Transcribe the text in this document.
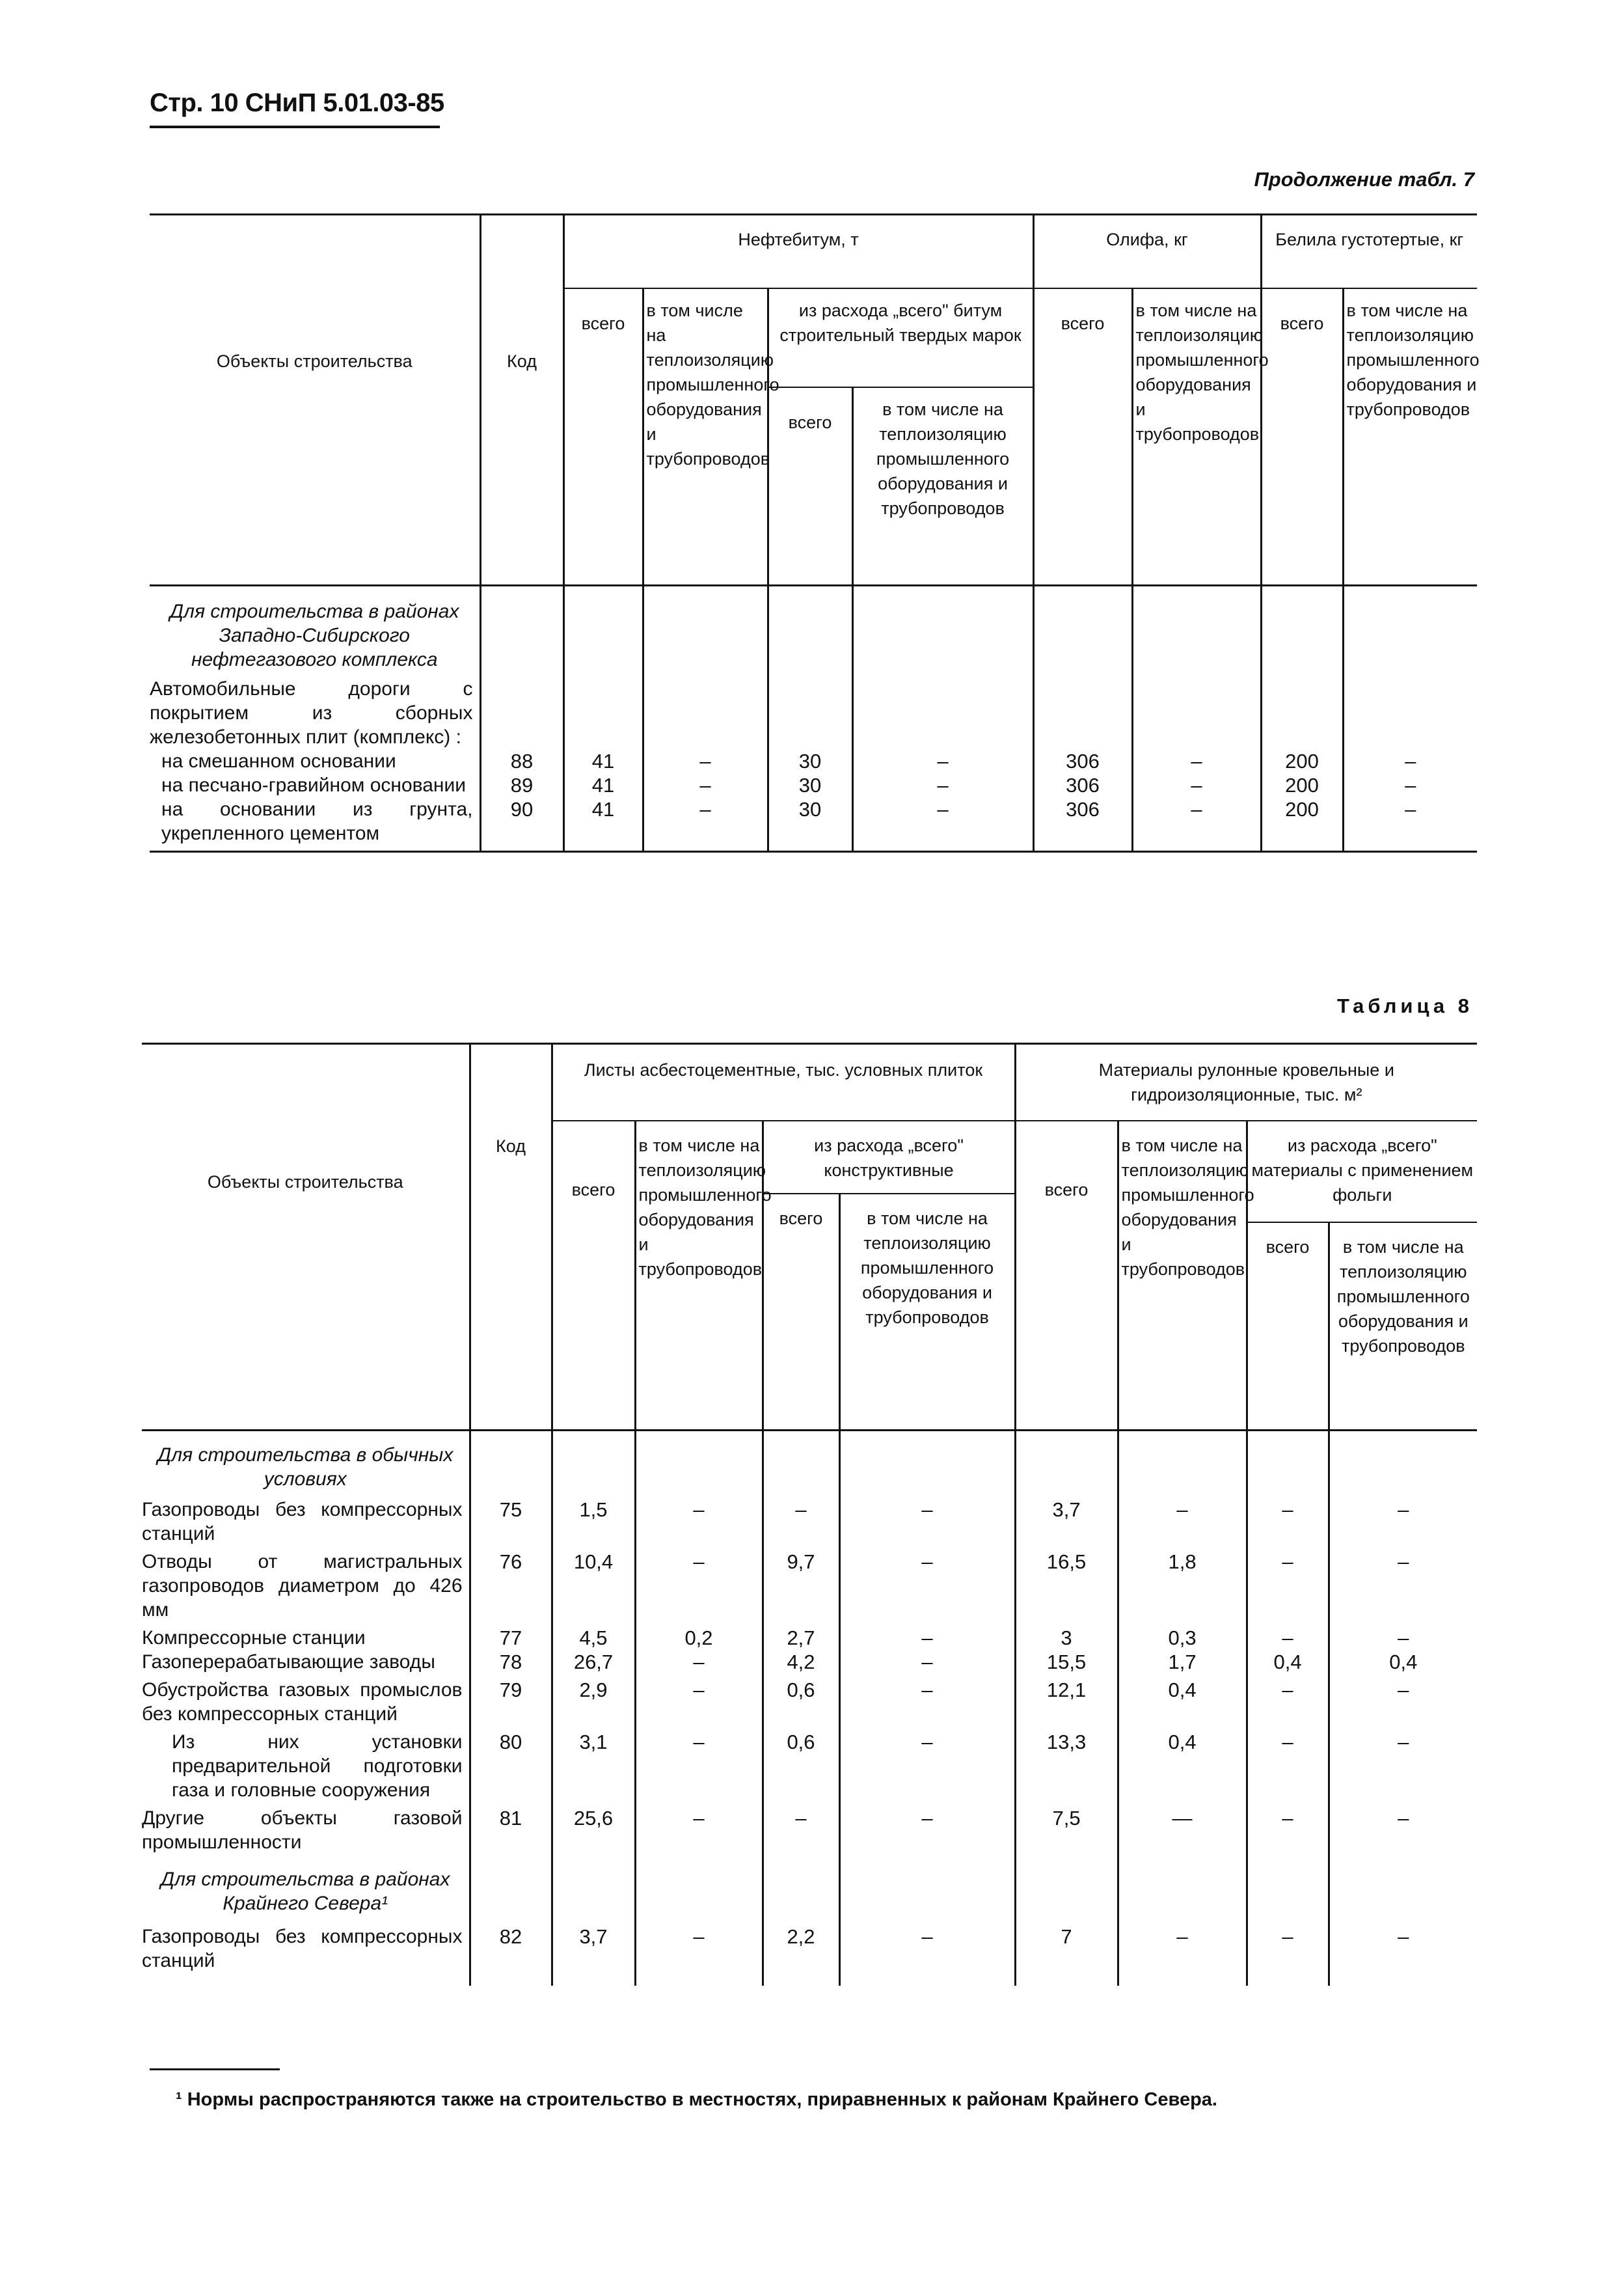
Стр. 10 СНиП 5.01.03-85
Продолжение табл. 7
Объекты строительства	Код	Нефтебитум, т				Олифа, кг		Белила густотертые, кг	
		всего	в том числе на теплоизоляцию промышленного оборудования и трубопроводов	из расхода „всего" битум строительный твердых марок		всего	в том числе на теплоизоляцию промышленного оборудования и трубопроводов	всего	в том числе на теплоизоляцию промышленного оборудования и трубопроводов
				всего	в том числе на теплоизоляцию промышленного оборудования и трубопроводов				
Для строительства в районах Западно-Сибирского нефтегазового комплекса									
Автомобильные дороги с покрытием из сборных железобетонных плит (комплекс) :									
на смешанном основании	88	41	–	30	–	306	–	200	–
на песчано-гравийном основании	89	41	–	30	–	306	–	200	–
на основании из грунта, укрепленного цементом	90	41	–	30	–	306	–	200	–
Таблица 8
Объекты строительства	Код	Листы асбестоцементные, тыс. условных плиток				Материалы рулонные кровельные и гидроизоляционные, тыс. м²			
		всего	в том числе на теплоизоляцию промышленного оборудования и трубопроводов	из расхода „всего" конструктивные		всего	в том числе на теплоизоляцию промышленного оборудования и трубопроводов	из расхода „всего" материалы с применением фольги	
				всего	в том числе на теплоизоляцию промышленного оборудования и трубопроводов				
								всего	в том числе на теплоизоляцию промышленного оборудования и трубопроводов
Для строительства в обычных условиях									
Газопроводы без компрессорных станций	75	1,5	–	–	–	3,7	–	–	–
Отводы от магистральных газопроводов диаметром до 426 мм	76	10,4	–	9,7	–	16,5	1,8	–	–
Компрессорные станции	77	4,5	0,2	2,7	–	3	0,3	–	–
Газоперерабатывающие заводы	78	26,7	–	4,2	–	15,5	1,7	0,4	0,4
Обустройства газовых промыслов без компрессорных станций	79	2,9	–	0,6	–	12,1	0,4	–	–
Из них установки предварительной подготовки газа и головные сооружения	80	3,1	–	0,6	–	13,3	0,4	–	–
Другие объекты газовой промышленности	81	25,6	–	–	–	7,5	—	–	–
Для строительства в районах Крайнего Севера¹									
Газопроводы без компрессорных станций	82	3,7	–	2,2	–	7	–	–	–
¹ Нормы распространяются также на строительство в местностях, приравненных к районам Крайнего Севера.
